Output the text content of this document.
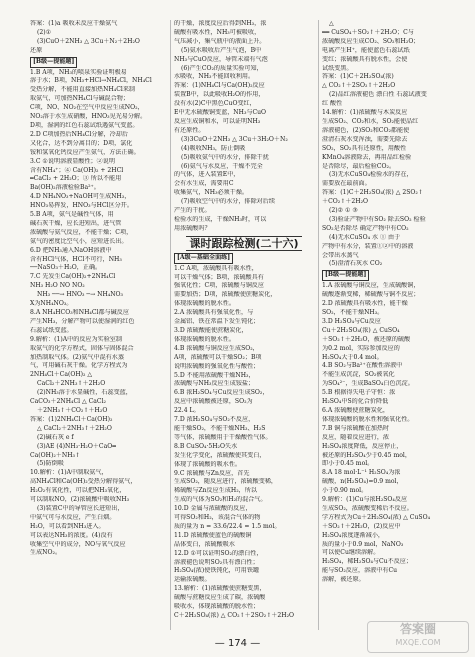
答案：(1)a 吸收未反应干燥氨气
(2)①
(3)CuO＋2NH₃ △ 3Cu＋N₂＋2H₂O
还原
[B级—提能题]
1.B A项，NH₃的喷泉实验证明极易
溶于水；B项，NH₃+HCl→NH₄Cl，NH₄Cl
受热分解，不能用直接加热NH₄Cl来制
取氨气，可加热NH₄Cl与碱混合物；
C项，NO、NO₂在空气中反应生成NO₂，
NO₂溶于水生成硝酸，HNO₃见光易分解。
D项，湿润的红色石蕊试纸遇氨气变蓝。
2.D C项加热后NH₄Cl分解，冷却后
又化合，达不到分离目的；D项，氯化
铵和氢氧化钙反应产生氨气，方法正确。
3.C ①说明溶液显酸性；②说明
含有NH₄⁺；④ Ca(OH)₂ + 2HCl
═CaCl₂ + 2H₂O；③ 所以不能用
Ba(OH)₂溶液检验Ba²⁺。
4.D NH₄NO₃+NaOH可生成NH₃，
HNO₃易挥发，HNO₃与HCl区分开。
5.B A项，氨气是碱性气体，用
碱石灰干燥，应长进短出，进气管
浓硫酸与氨气反应，不能干燥；C项，
氨气的密度比空气小，应短进长出。
6.D 把NH₃通入NaOH溶液中
含有HCl气体，HCl不可行，NH₃
──NaSO₃＋H₂O，正确。
7.C 先发生Ca(OH)₂+2NH₄Cl
NH₃ H₂O NO NO₂
NH₃ ──→ HNO₃ ─→ NH₄NO₃
X为NH₄NO₃。
8.A NH₄HCO₃和NH₄Cl都与碱反应
产生NH₃，分解产物可以使湿润的红色
石蕊试纸变蓝。
9.解析：(1)A中的反应为实验室制
取氨气的化学方程式，固体与固体混合
加热制取气体。(2)氨气中混有水蒸
气，可用碱石灰干燥。化学方程式为
2NH₄Cl＋Ca(OH)₂ △
CaCl₂＋2NH₃↑＋2H₂O
(2)NH₃溶于水显碱性，石蕊变蓝，
CaCO₃＋2NH₄Cl △ CaCl₂
＋2NH₃↑＋CO₂↑＋H₂O
答案：(1)2NH₄Cl＋Ca(OH)₂
△ CaCl₂＋2NH₃↑＋2H₂O
(2)碱石灰 e f
(3)AE (4)NH₃·H₂O＋CaO═
Ca(OH)₂＋NH₃↑
(5)防倒吸
10.解析：(1)A中制取氨气，
高NH₄Cl和Ca(OH)₂受热分解得氨气，
H₂O₂有氧化性，可以把NH₃氧化，
可以制取NO，(2)浓硫酸中吸收NH₃
(3)装置C中的导管应长进短出，
中氨气可与水反应，产生白烟。
H₂O，可以看到NH₃进入。
可以表达NH₃的浓度。(4)没有
收集空气中的成分，NO与氧气反应
生成NO₂。
的干燥，浓度反应后得到NH₃，浓
硫酸有吸水性，NH₃可被吸收，
气压减小，集气瓶中的液面上升。
(5)氨水吸收后产生气泡，B中
NH₃与CuO反应，导管末端有气泡
(6)产生CO₂的质量实验可知，
水吸收，NH₃不能回收利用。
答案：(1)NH₄Cl与Ca(OH)₂反应
装置B中，以此吸收H₂O的作用，
没有水(2)C中黑色CuO变红，
E中无水硫酸铜变蓝，NH₃与CuO
反应生成铜和水，可以证明NH₃
有还原性。
(3)3CuO＋2NH₃ △ 3Cu＋3H₂O＋N₂
(4)吸收NH₃，防止倒吸
(5)吸收氨气中的水分，排除干扰
(6)氨气与水反应，干燥不完全
的气体，进入装置E中，
会有水生成，需要用C
收集氨气，NH₃必须干燥。
(7)吸收空气中的水分，排除对后续
产生的干扰。
检验水的生成，干燥NH₃时，可以
用浓硫酸吗？
课时跟踪检测(二十六)
[A级—基础全面练]
1.C A项，浓硫酸具有吸水性，
可以干燥气体；B项，浓硫酸具有
强氧化性；C项，浓硫酸与铜反应
需要加热；D项，浓硫酸使蔗糖炭化，
体现浓硫酸的脱水性。
2.A 浓硫酸具有强氧化性，与
金属铝、铁在常温下发生钝化；
3.D 浓硫酸能使蔗糖炭化，
体现浓硫酸的脱水性。
4.B 浓硫酸与铜反应生成SO₂，
A项，浓硫酸可以干燥SO₂；B项
说明浓硫酸的强氧化性与酸性；
5.D 不能用浓硫酸干燥NH₃，
浓硫酸与NH₃反应生成铵盐；
6.B 浓H₂SO₄与Cu反应生成SO₂，
反应中浓硫酸被还原，SO₂为
22.4 L。
7.D 浓H₂SO₄与SO₂不反应，
能干燥SO₂，不能干燥NH₃、H₂S
等气体，浓硫酸用于干燥酸性气体。
8.B CuSO₄·5H₂O失水
发生化学变化，浓硫酸使其变白，
体现了浓硫酸的吸水性。
9.C 浓硫酸与Zn反应，首先
生成SO₂，随反应进行，浓硫酸变稀，
稀硫酸与Zn反应生成H₂，所以
生成的气体为SO₂和H₂的混合气。
10.D 金属与浓硫酸的反应，
可得SO₂和H₂，该混合气体的物
质的量为 n = 33.6/22.4 = 1.5 mol。
11.D 浓硫酸使蓝色的硫酸铜
晶体变白，浓硫酸吸水
12.D ①可以证明SO₂的漂白性，
溶液褪色说明SO₂具有漂白性；
H₂SO₄(浓)使铁钝化，可用铁罐
运输浓硫酸。
13.解析：(1)浓硫酸使蔗糖变黑，
硫酸与蔗糖反应生成了碳，浓硫酸
吸收水，体现浓硫酸的脱水性；
C＋2H₂SO₄(浓) △ CO₂↑＋2SO₂↑＋2H₂O
△
══ CuSO₄＋SO₂↑＋2H₂O；C与
浓硫酸反应生成CO₂、SO₂和H₂O；
电离产生H⁺，能使蓝色石蕊试纸
变红；浓硫酸具有脱水性，会使
试纸变黑。
答案：(1)C＋2H₂SO₄(浓)
△ CO₂↑＋2SO₂↑＋2H₂O
(2)品红溶液褪色 漂白性 石蕊试液变
红 酸性
14.解析：(1)浓硫酸与木炭反应
生成SO₂、CO₂和水，SO₂能使品红
溶液褪色，(2)SO₂和CO₂都能使
澄清石灰水变浑浊，需要先除去
SO₂，SO₂具有还原性，用酸性
KMnO₄溶液除去，再用品红检验
是否除尽，最后检验CO₂。
(3)无水CuSO₄检验水的存在，
需要放在最前面。
答案：(1)C＋2H₂SO₄(浓) △ 2SO₂↑
＋CO₂↑＋2H₂O
(2)② ① ③
(3)验证产物中有SO₂ 除去SO₂ 检验
SO₂是否除尽 确定产物中有CO₂
(4)无水CuSO₄ 水 ① 由于
产物中有水分，装置①②中的溶液
会带出水蒸气
(5)澄清石灰水 CO₂
[B级—提能题]
1.A 浓硫酸与铜反应，生成硫酸铜，
硫酸逐渐变稀，稀硫酸与铜不反应；
2.D 浓硫酸具有吸水性，能干燥
SO₂，不能干燥NH₃。
3.D H₂SO₄与Cu反应
Cu＋2H₂SO₄(浓) △ CuSO₄
＋SO₂↑＋2H₂O，被还原的硫酸
为0.2 mol，实际参加反应的
H₂SO₄大于0.4 mol。
4.B SO₂与Ba²⁺在酸性溶液中
不能生成沉淀，SO₂被氧化
为SO₄²⁻，生成BaSO₄白色沉淀。
5.B 根据得失电子守恒：浓
H₂SO₄中S的化合价降低
6.A 浓硫酸使蔗糖炭化，
体现浓硫酸的脱水性和强氧化性。
7.B 铜与浓硫酸在加热时
反应，随着反应进行，浓
H₂SO₄浓度降低，反应停止，
被还原的H₂SO₄少于0.45 mol，
即小于0.45 mol。
8.A 18 mol·L⁻¹ H₂SO₄为浓
硫酸，n(H₂SO₄)=0.9 mol，
小于0.90 mol。
9.解析：(1)Cu与浓H₂SO₄反应
生成SO₂，浓硫酸变稀后不反应。
学方程式为Cu＋2H₂SO₄(浓) △ CuSO₄
＋SO₂↑＋2H₂O，(2)反应中
H₂SO₄浓度逐渐减小，
质的量小于0.9 mol，NaNO₃
可以使Cu继续溶解。
H₂SO₄，稀H₂SO₄与Cu不反应；
能与SO₂反应，溶液中有Cu
溶解，被还原。
— 174 —
答案圈
MXQE.COM
